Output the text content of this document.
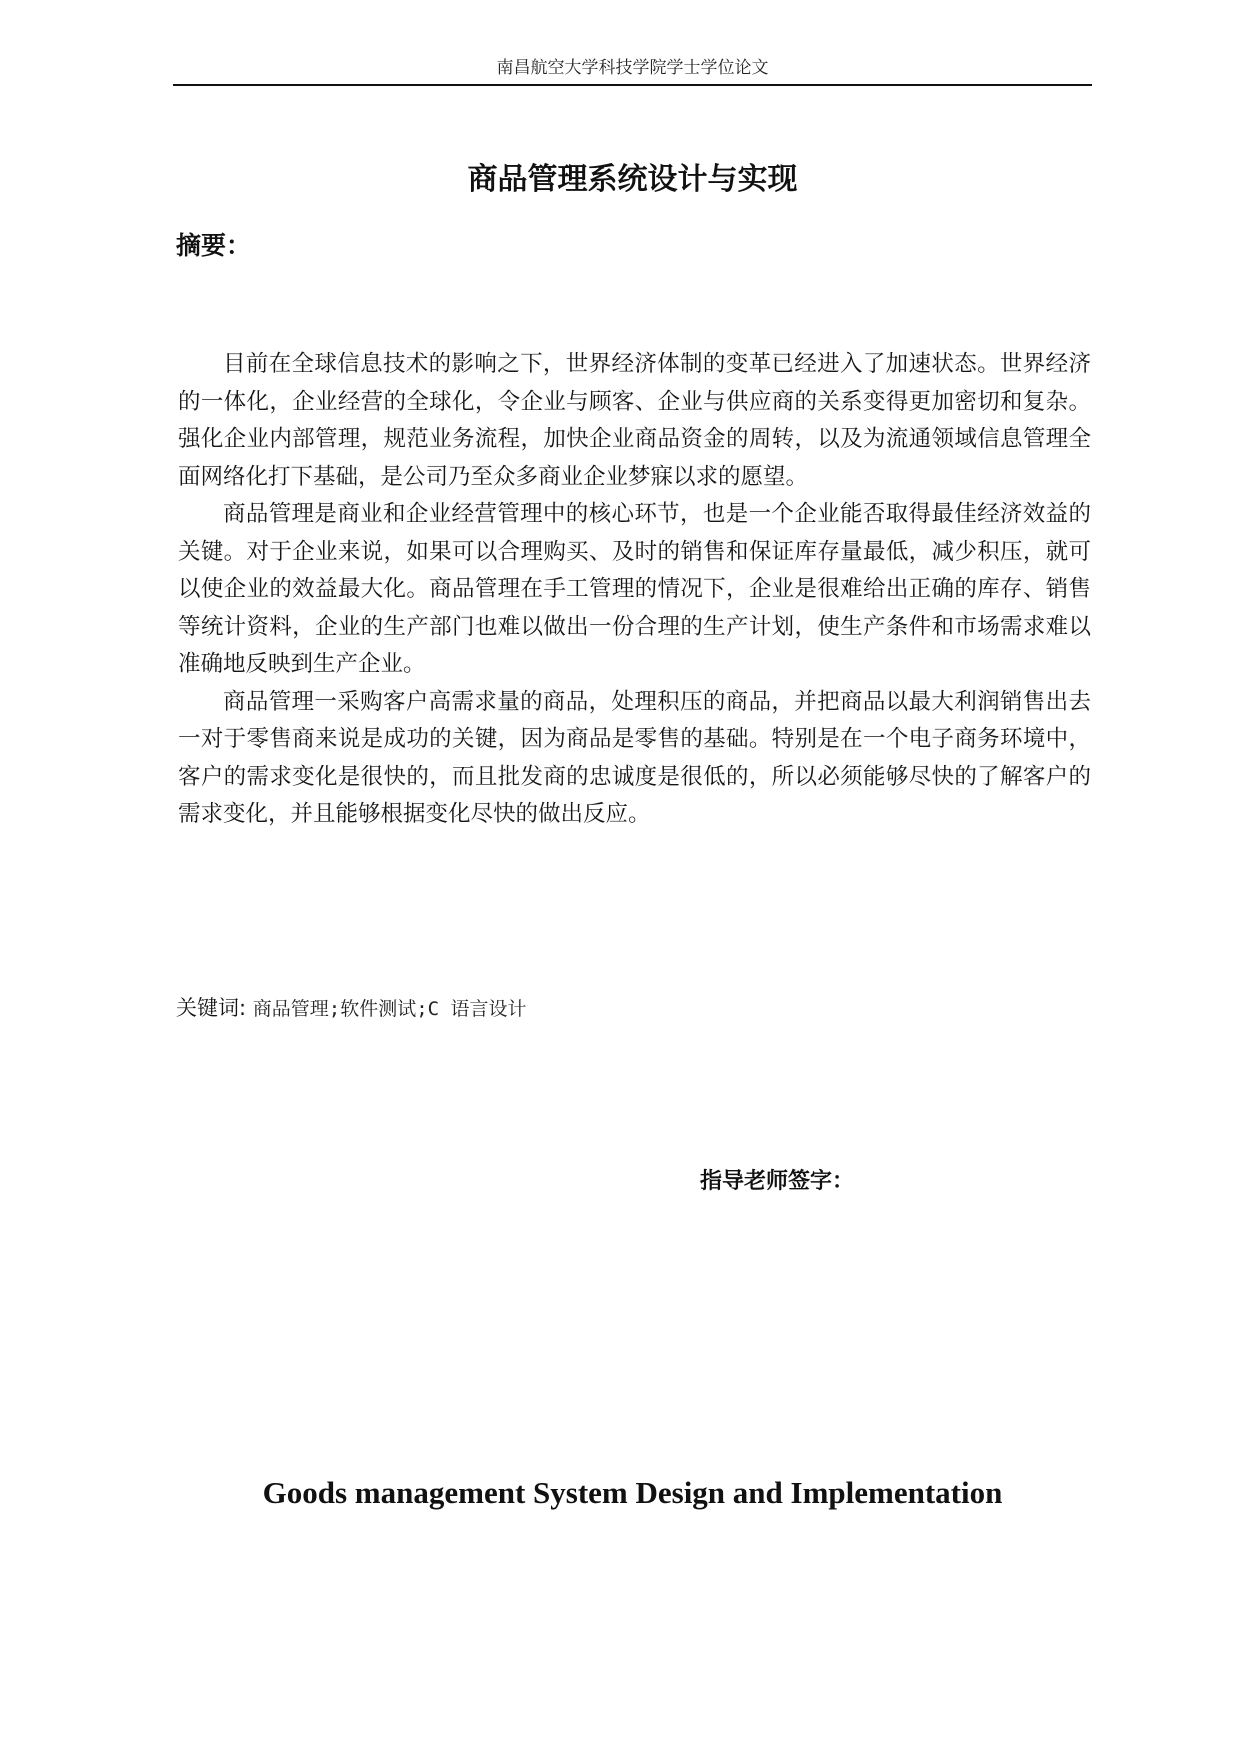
南昌航空大学科技学院学士学位论文
商品管理系统设计与实现
摘要：

目前在全球信息技术的影响之下，世界经济体制的变革已经进入了加速状态。世界经济的一体化，企业经营的全球化，令企业与顾客、企业与供应商的关系变得更加密切和复杂。强化企业内部管理，规范业务流程，加快企业商品资金的周转，以及为流通领域信息管理全面网络化打下基础，是公司乃至众多商业企业梦寐以求的愿望。

商品管理是商业和企业经营管理中的核心环节，也是一个企业能否取得最佳经济效益的关键。对于企业来说，如果可以合理购买、及时的销售和保证库存量最低，减少积压，就可以使企业的效益最大化。商品管理在手工管理的情况下，企业是很难给出正确的库存、销售等统计资料，企业的生产部门也难以做出一份合理的生产计划，使生产条件和市场需求难以准确地反映到生产企业。

商品管理一采购客户高需求量的商品，处理积压的商品，并把商品以最大利润销售出去一对于零售商来说是成功的关键，因为商品是零售的基础。特别是在一个电子商务环境中，客户的需求变化是很快的，而且批发商的忠诚度是很低的，所以必须能够尽快的了解客户的需求变化，并且能够根据变化尽快的做出反应。

关键词: 商品管理;软件测试;C 语言设计
指导老师签字：
Goods management System Design and Implementation
